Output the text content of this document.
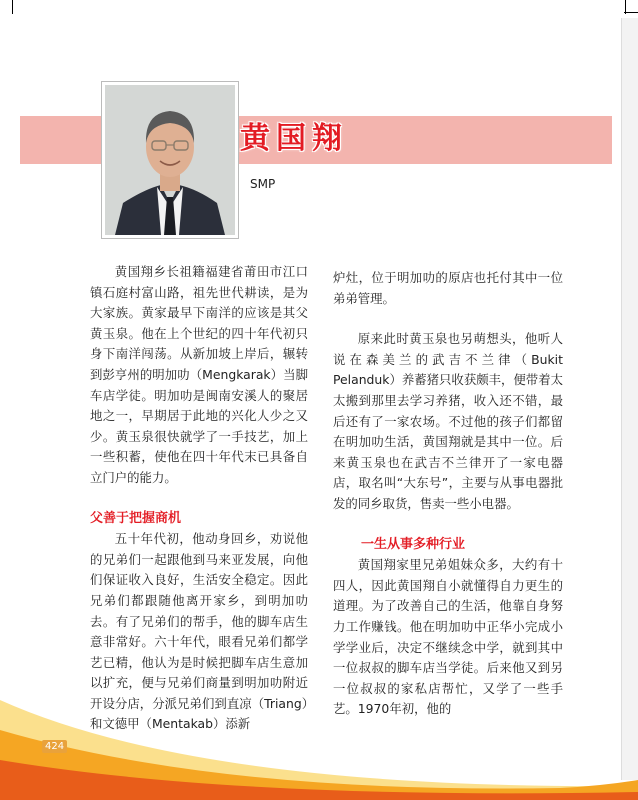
黄国翔
SMP

黄国翔乡长祖籍福建省莆田市江口镇石庭村富山路，祖先世代耕读，是为大家族。黄家最早下南洋的应该是其父黄玉泉。他在上个世纪的四十年代初只身下南洋闯荡。从新加坡上岸后，辗转到彭亨州的明加叻（Mengkarak）当脚车店学徒。明加叻是闽南安溪人的聚居地之一，早期居于此地的兴化人少之又少。黄玉泉很快就学了一手技艺，加上一些积蓄，使他在四十年代末已具备自立门户的能力。

父善于把握商机

五十年代初，他动身回乡，劝说他的兄弟们一起跟他到马来亚发展，向他们保证收入良好，生活安全稳定。因此兄弟们都跟随他离开家乡，到明加叻去。有了兄弟们的帮手，他的脚车店生意非常好。六十年代，眼看兄弟们都学艺已精，他认为是时候把脚车店生意加以扩充，便与兄弟们商量到明加叻附近开设分店，分派兄弟们到直凉（Triang）和文德甲（Mentakab）添新

炉灶，位于明加叻的原店也托付其中一位弟弟管理。

原来此时黄玉泉也另萌想头，他听人说在森美兰的武吉不兰律（Bukit Pelanduk）养蓄猪只收获颇丰，便带着太太搬到那里去学习养猪，收入还不错，最后还有了一家农场。不过他的孩子们都留在明加叻生活，黄国翔就是其中一位。后来黄玉泉也在武吉不兰律开了一家电器店，取名叫“大东号”，主要与从事电器批发的同乡取货，售卖一些小电器。

一生从事多种行业

黄国翔家里兄弟姐妹众多，大约有十四人，因此黄国翔自小就懂得自力更生的道理。为了改善自己的生活，他靠自身努力工作赚钱。他在明加叻中正华小完成小学学业后，决定不继续念中学，就到其中一位叔叔的脚车店当学徒。后来他又到另一位叔叔的家私店帮忙，又学了一些手艺。1970年初，他的

424
